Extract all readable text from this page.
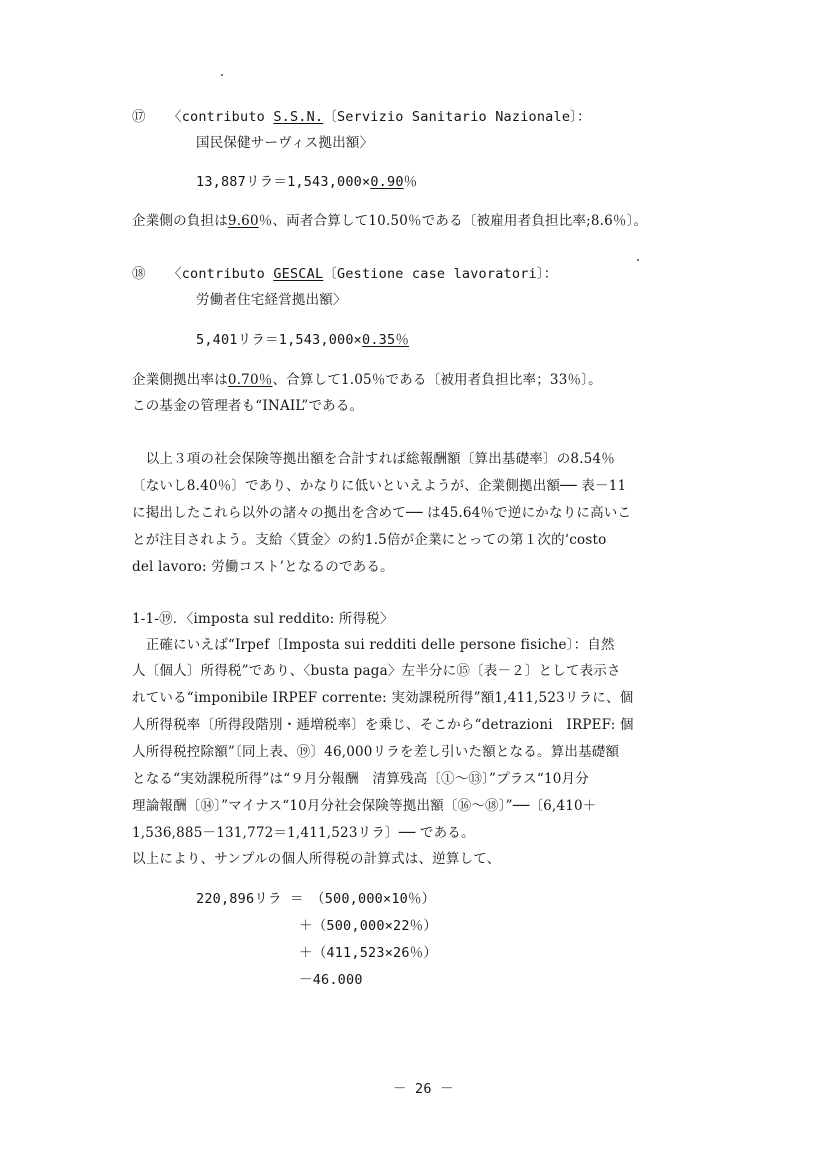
⑰ 〈contributo S.S.N.〔Servizio Sanitario Nazionale〕：
国民保健サーヴィス拠出額〉
13,887リラ＝1,543,000×0.90％
企業側の負担は9.60％、両者合算して10.50％である〔被雇用者負担比率;8.6％〕。
⑱ 〈contributo GESCAL〔Gestione case lavoratori〕：
労働者住宅経営拠出額〉
5,401リラ＝1,543,000×0.35％
企業側拠出率は0.70％、合算して1.05％である〔被用者負担比率；33％〕。
この基金の管理者も“INAIL”である。
　以上３項の社会保険等拠出額を合計すれば総報酬額〔算出基礎率〕の8.54％
〔ないし8.40％〕であり、かなりに低いといえようが、企業側拠出額── 表－11
に掲出したこれら以外の諸々の拠出を含めて── は45.64％で逆にかなりに高いこ
とが注目されよう。支給〈賃金〉の約1.5倍が企業にとっての第１次的‘costo
del lavoro: 労働コスト’となるのである。
1-1-⑲．〈imposta sul reddito: 所得税〉
　正確にいえば“Irpef〔Imposta sui redditi delle persone fisiche〕：自然
人〔個人〕所得税”であり、〈busta paga〉左半分に⑮〔表－２〕として表示さ
れている“imponibile IRPEF corrente: 実効課税所得”額1,411,523リラに、個
人所得税率〔所得段階別・逓増税率〕を乗じ、そこから“detrazioni　IRPEF: 個
人所得税控除額”〔同上表、⑲〕46,000リラを差し引いた額となる。算出基礎額
となる“実効課税所得”は“９月分報酬　清算残高〔①～⑬〕”プラス“10月分
理論報酬〔⑭〕”マイナス“10月分社会保険等拠出額〔⑯～⑱〕”──〔6,410＋
1,536,885－131,772＝1,411,523リラ〕── である。
以上により、サンプルの個人所得税の計算式は、逆算して、
220,896リラ ＝ （500,000×10％）
＋（500,000×22％）
＋（411,523×26％）
－46.000
－ 26 －
